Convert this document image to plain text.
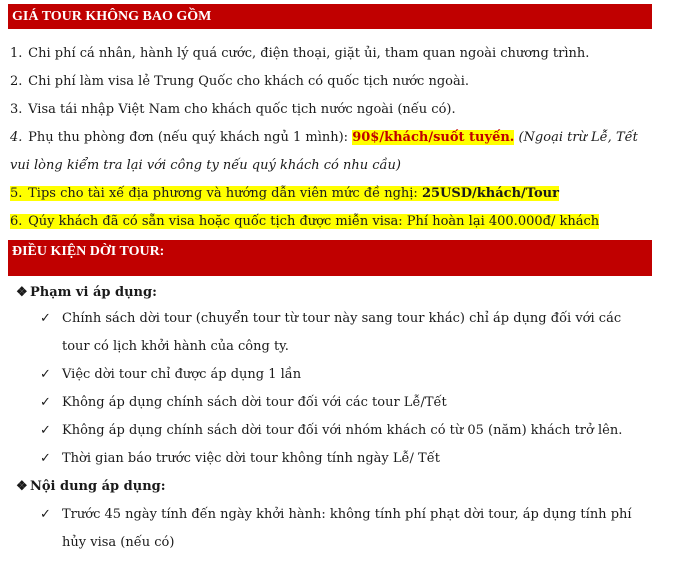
GIÁ TOUR KHÔNG BAO GỒM
1. Chi phí cá nhân, hành lý quá cước, điện thoại, giặt ủi, tham quan ngoài chương trình.
2. Chi phí làm visa lẻ Trung Quốc cho khách có quốc tịch nước ngoài.
3. Visa tái nhập Việt Nam cho khách quốc tịch nước ngoài (nếu có).
4. Phụ thu phòng đơn (nếu quý khách ngủ 1 mình): 90$/khách/suốt tuyến. (Ngoại trừ Lễ, Tết
vui lòng kiểm tra lại với công ty nếu quý khách có nhu cầu)
5. Tips cho tài xế địa phương và hướng dẫn viên mức đề nghị: 25USD/khách/Tour
6. Qúy khách đã có sẵn visa hoặc quốc tịch được miễn visa: Phí hoàn lại 400.000đ/ khách
ĐIỀU KIỆN DỜI TOUR:
❖ Phạm vi áp dụng:
✓ Chính sách dời tour (chuyển tour từ tour này sang tour khác) chỉ áp dụng đối với các
tour có lịch khởi hành của công ty.
✓ Việc dời tour chỉ được áp dụng 1 lần
✓ Không áp dụng chính sách dời tour đối với các tour Lễ/Tết
✓ Không áp dụng chính sách dời tour đối với nhóm khách có từ 05 (năm) khách trở lên.
✓ Thời gian báo trước việc dời tour không tính ngày Lễ/ Tết
❖ Nội dung áp dụng:
✓ Trước 45 ngày tính đến ngày khởi hành: không tính phí phạt dời tour, áp dụng tính phí
hủy visa (nếu có)
